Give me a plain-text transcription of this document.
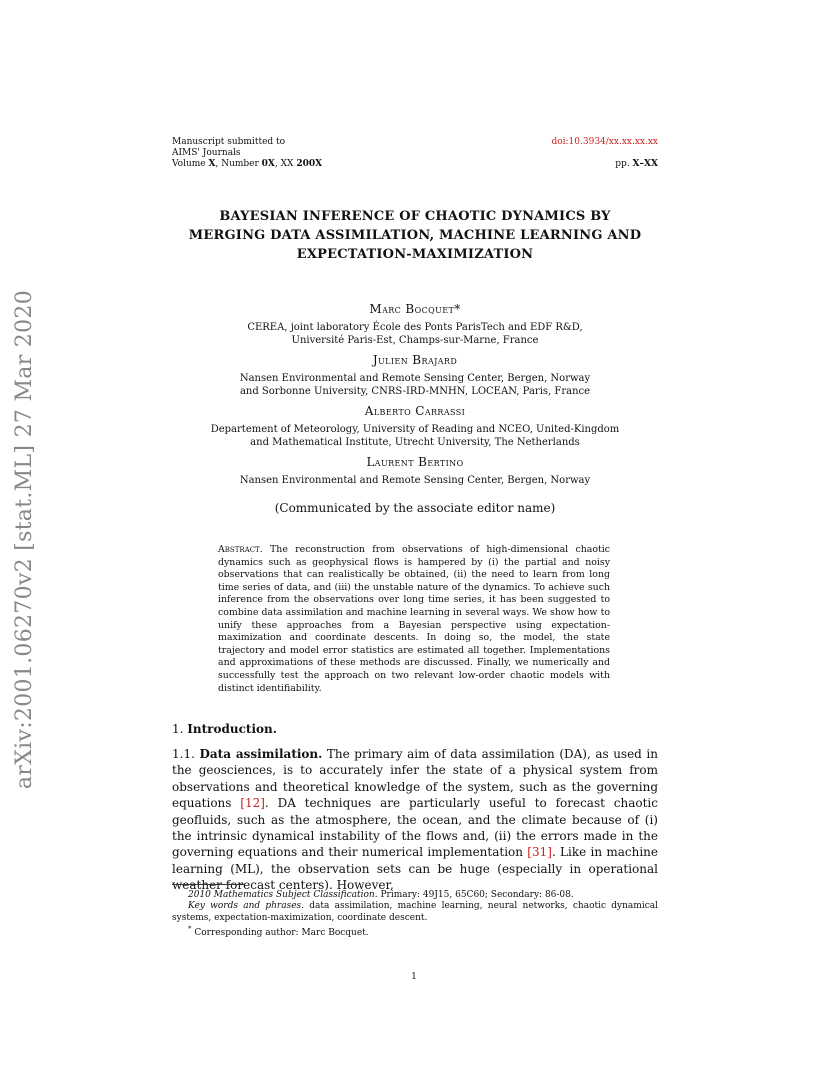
arXiv:2001.06270v2 [stat.ML] 27 Mar 2020
Manuscript submitted to
AIMS' Journals
Volume X, Number 0X, XX 200X
doi:10.3934/xx.xx.xx.xx
pp. X–XX
BAYESIAN INFERENCE OF CHAOTIC DYNAMICS BY
MERGING DATA ASSIMILATION, MACHINE LEARNING AND
EXPECTATION-MAXIMIZATION
Marc Bocquet*
CEREA, joint laboratory École des Ponts ParisTech and EDF R&D,
Université Paris-Est, Champs-sur-Marne, France
Julien Brajard
Nansen Environmental and Remote Sensing Center, Bergen, Norway
and Sorbonne University, CNRS-IRD-MNHN, LOCEAN, Paris, France
Alberto Carrassi
Departement of Meteorology, University of Reading and NCEO, United-Kingdom
and Mathematical Institute, Utrecht University, The Netherlands
Laurent Bertino
Nansen Environmental and Remote Sensing Center, Bergen, Norway
(Communicated by the associate editor name)
Abstract. The reconstruction from observations of high-dimensional chaotic dynamics such as geophysical flows is hampered by (i) the partial and noisy observations that can realistically be obtained, (ii) the need to learn from long time series of data, and (iii) the unstable nature of the dynamics. To achieve such inference from the observations over long time series, it has been suggested to combine data assimilation and machine learning in several ways. We show how to unify these approaches from a Bayesian perspective using expectation-maximization and coordinate descents. In doing so, the model, the state trajectory and model error statistics are estimated all together. Implementations and approximations of these methods are discussed. Finally, we numerically and successfully test the approach on two relevant low-order chaotic models with distinct identifiability.
1. Introduction.
1.1. Data assimilation. The primary aim of data assimilation (DA), as used in the geosciences, is to accurately infer the state of a physical system from observations and theoretical knowledge of the system, such as the governing equations [12]. DA techniques are particularly useful to forecast chaotic geofluids, such as the atmosphere, the ocean, and the climate because of (i) the intrinsic dynamical instability of the flows and, (ii) the errors made in the governing equations and their numerical implementation [31]. Like in machine learning (ML), the observation sets can be huge (especially in operational weather forecast centers). However,

2010 Mathematics Subject Classification. Primary: 49J15, 65C60; Secondary: 86-08.

Key words and phrases. data assimilation, machine learning, neural networks, chaotic dynamical systems, expectation-maximization, coordinate descent.

* Corresponding author: Marc Bocquet.

1
